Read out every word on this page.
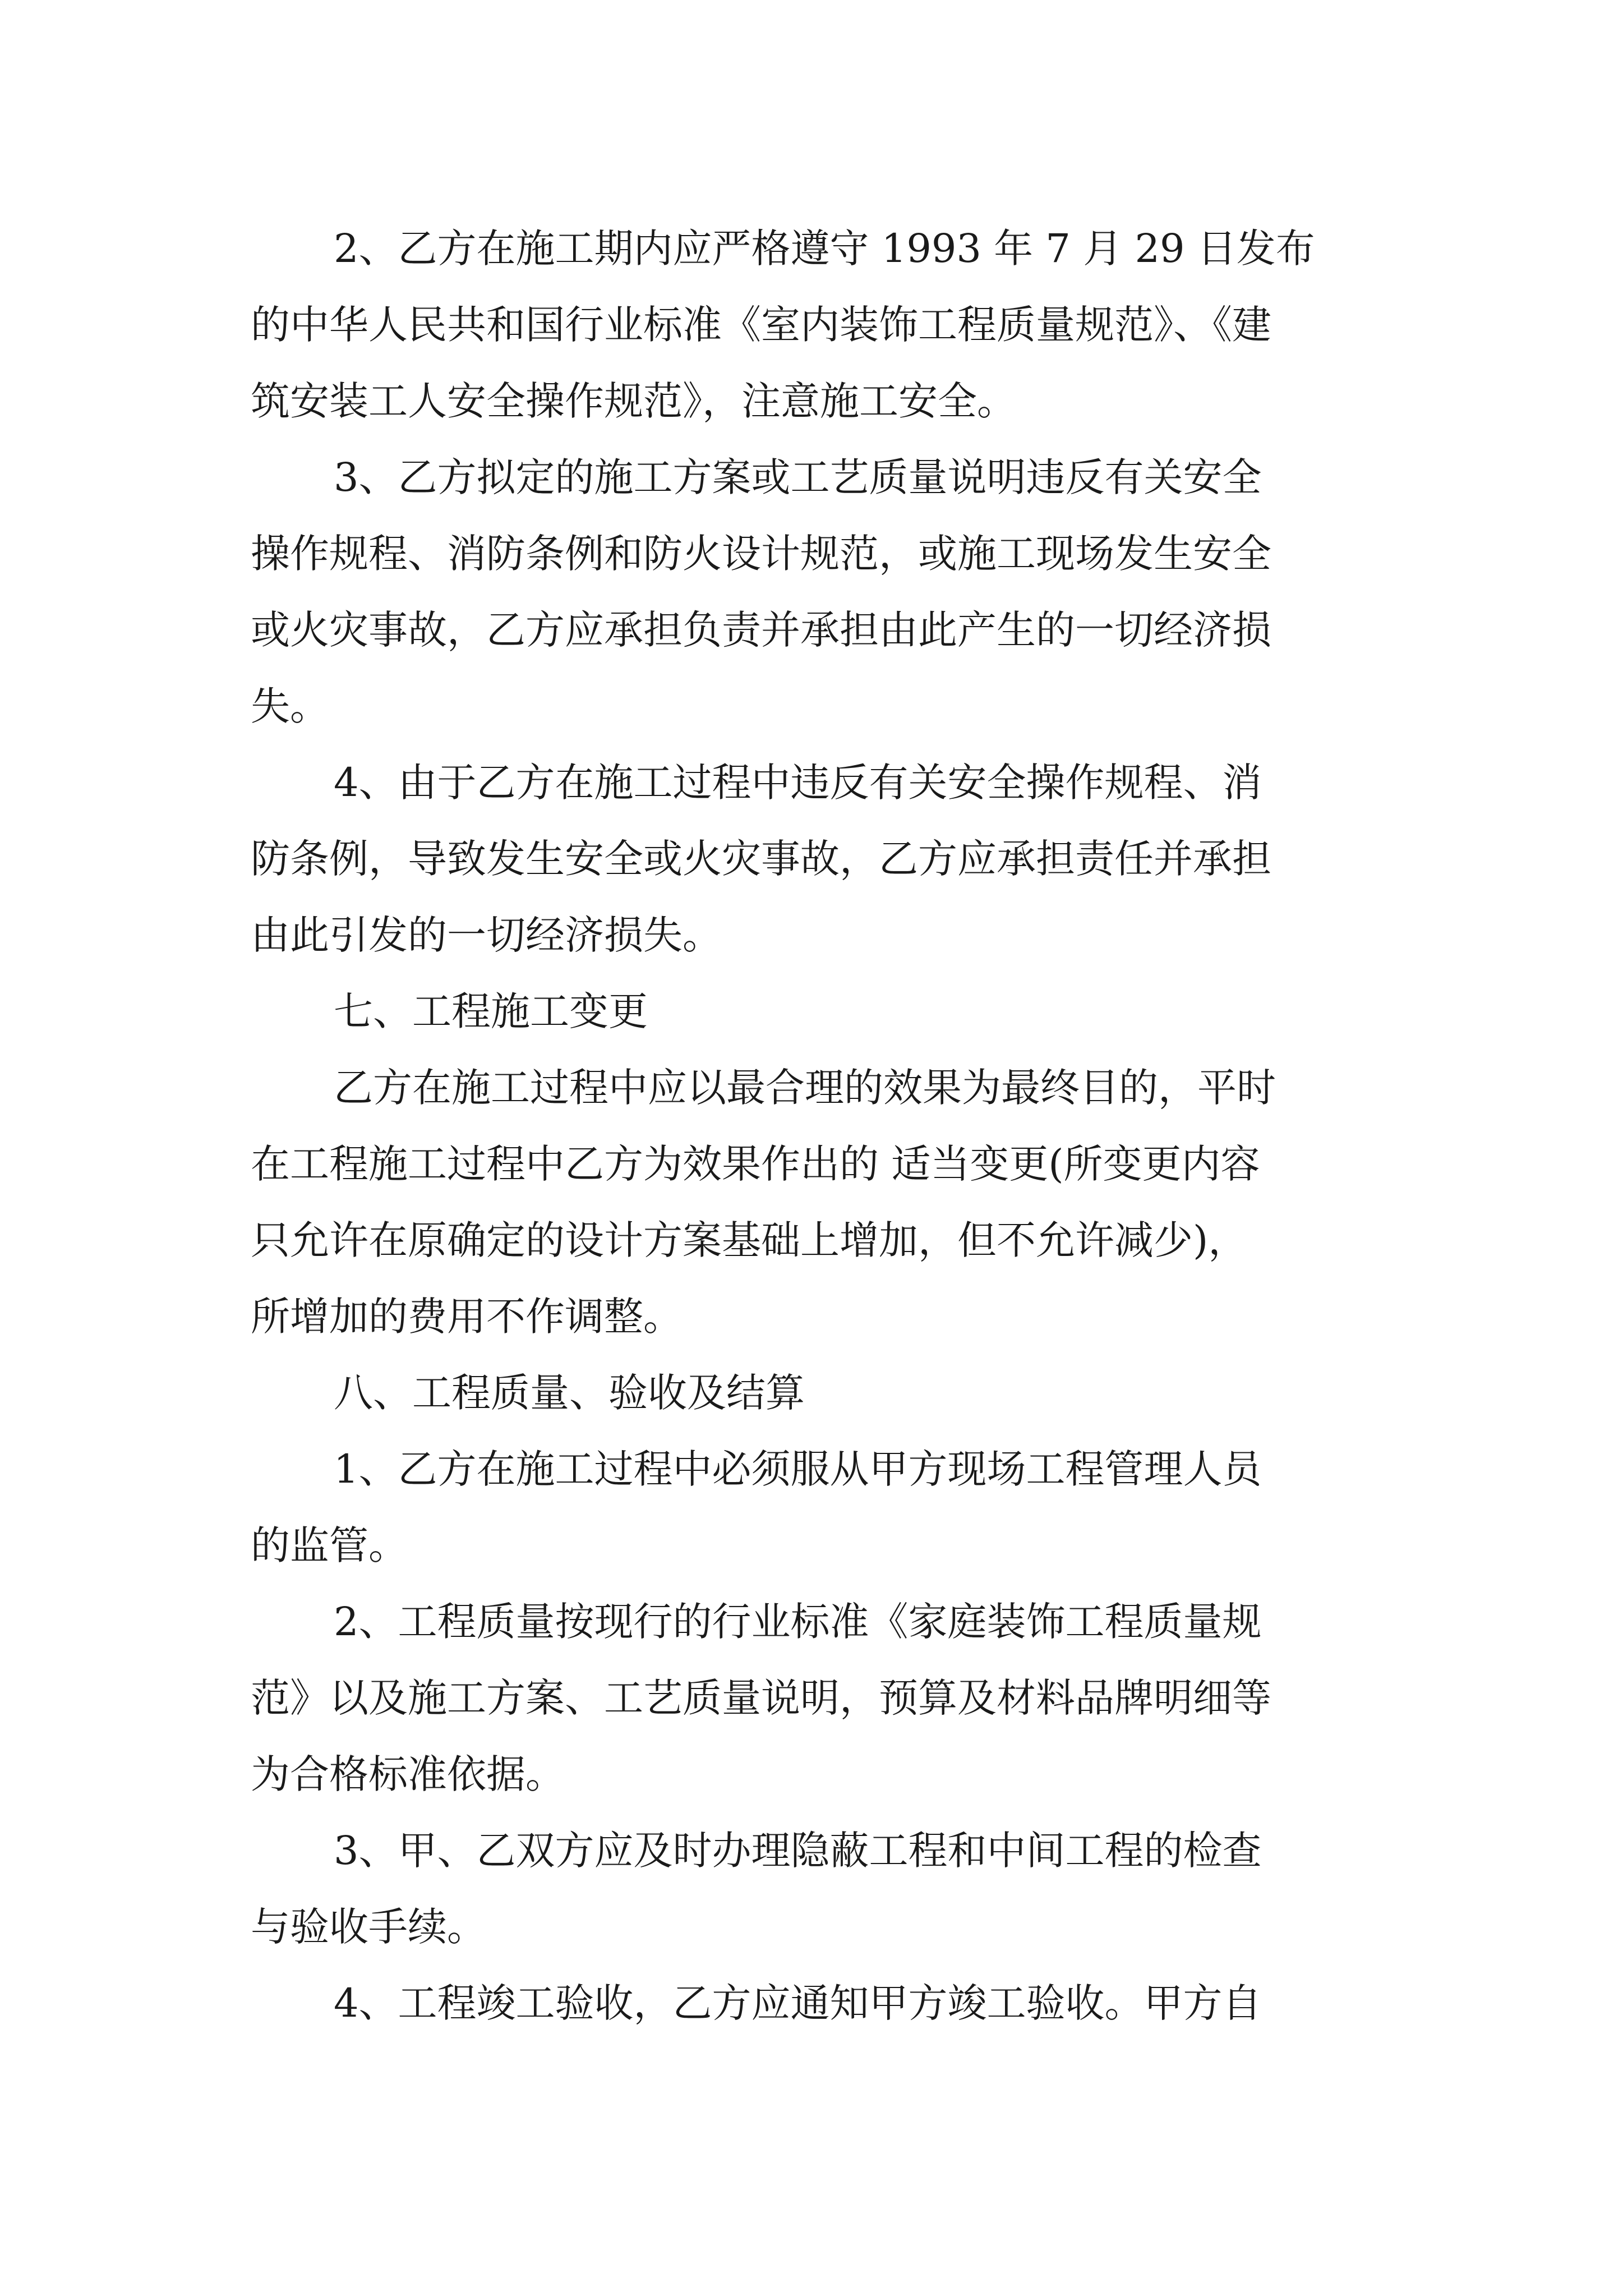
2、乙方在施工期内应严格遵守 1993 年 7 月 29 日发布
的中华人民共和国行业标准《室内装饰工程质量规范》、《建
筑安装工人安全操作规范》，注意施工安全。
3、乙方拟定的施工方案或工艺质量说明违反有关安全
操作规程、消防条例和防火设计规范，或施工现场发生安全
或火灾事故，乙方应承担负责并承担由此产生的一切经济损
失。
4、由于乙方在施工过程中违反有关安全操作规程、消
防条例，导致发生安全或火灾事故，乙方应承担责任并承担
由此引发的一切经济损失。
七、工程施工变更
乙方在施工过程中应以最合理的效果为最终目的，平时
在工程施工过程中乙方为效果作出的 适当变更(所变更内容
只允许在原确定的设计方案基础上增加，但不允许减少)，
所增加的费用不作调整。
八、工程质量、验收及结算
1、乙方在施工过程中必须服从甲方现场工程管理人员
的监管。
2、工程质量按现行的行业标准《家庭装饰工程质量规
范》以及施工方案、工艺质量说明，预算及材料品牌明细等
为合格标准依据。
3、甲、乙双方应及时办理隐蔽工程和中间工程的检查
与验收手续。
4、工程竣工验收，乙方应通知甲方竣工验收。甲方自
